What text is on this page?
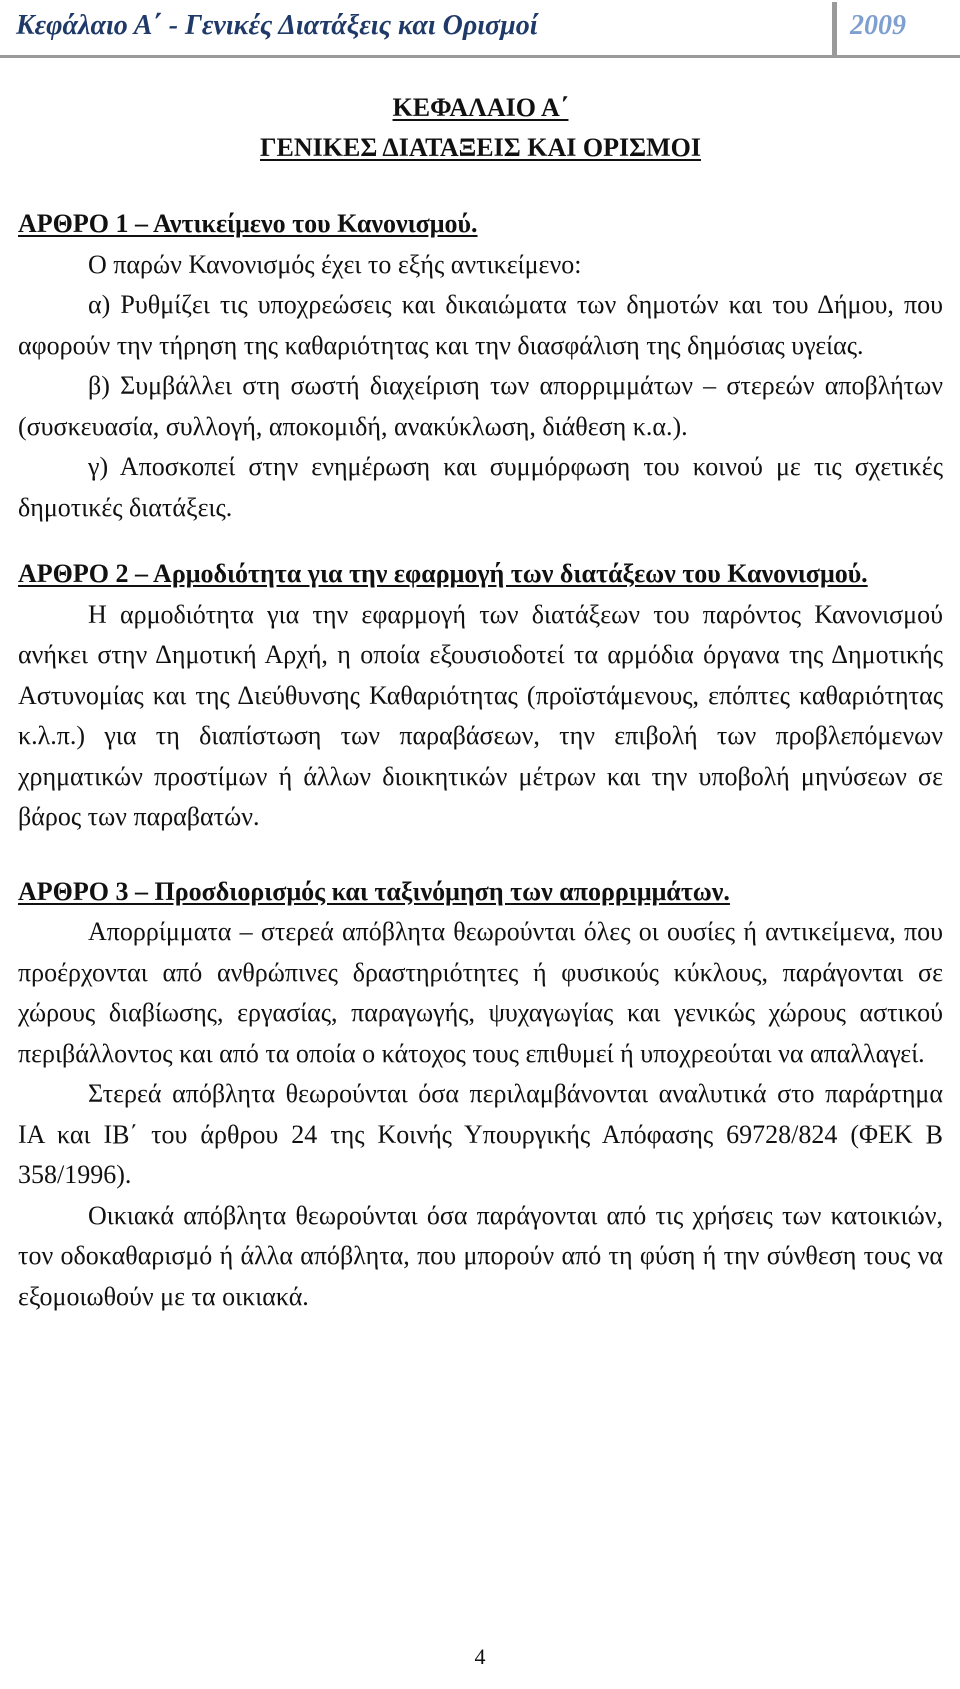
Κεφάλαιο Α΄ - Γενικές Διατάξεις και Ορισμοί	2009
ΚΕΦΑΛΑΙΟ Α΄
ΓΕΝΙΚΕΣ ΔΙΑΤΑΞΕΙΣ ΚΑΙ ΟΡΙΣΜΟΙ
ΑΡΘΡΟ 1 – Αντικείμενο του Κανονισμού.

Ο παρών Κανονισμός έχει το εξής αντικείμενο:

α) Ρυθμίζει τις υποχρεώσεις και δικαιώματα των δημοτών και του Δήμου, που αφορούν την τήρηση της καθαριότητας και την διασφάλιση της δημόσιας υγείας.

β) Συμβάλλει στη σωστή διαχείριση των απορριμμάτων – στερεών αποβλήτων (συσκευασία, συλλογή, αποκομιδή, ανακύκλωση, διάθεση κ.α.).

γ) Αποσκοπεί στην ενημέρωση και συμμόρφωση του κοινού με τις σχετικές δημοτικές διατάξεις.

ΑΡΘΡΟ 2 – Αρμοδιότητα για την εφαρμογή των διατάξεων του Κανονισμού.

Η αρμοδιότητα για την εφαρμογή των διατάξεων του παρόντος Κανονισμού ανήκει στην Δημοτική Αρχή, η οποία εξουσιοδοτεί τα αρμόδια όργανα της Δημοτικής Αστυνομίας και της Διεύθυνσης Καθαριότητας (προϊστάμενους, επόπτες καθαριότητας κ.λ.π.) για τη διαπίστωση των παραβάσεων, την επιβολή των προβλεπόμενων χρηματικών προστίμων ή άλλων διοικητικών μέτρων και την υποβολή μηνύσεων σε βάρος των παραβατών.

ΑΡΘΡΟ 3 – Προσδιορισμός και ταξινόμηση των απορριμμάτων.

Απορρίμματα – στερεά απόβλητα θεωρούνται όλες οι ουσίες ή αντικείμενα, που προέρχονται από ανθρώπινες δραστηριότητες ή φυσικούς κύκλους, παράγονται σε χώρους διαβίωσης, εργασίας, παραγωγής, ψυχαγωγίας και γενικώς χώρους αστικού περιβάλλοντος και από τα οποία ο κάτοχος τους επιθυμεί ή υποχρεούται να απαλλαγεί.

Στερεά απόβλητα θεωρούνται όσα περιλαμβάνονται αναλυτικά στο παράρτημα ΙΑ και ΙΒ΄ του άρθρου 24 της Κοινής Υπουργικής Απόφασης 69728/824 (ΦΕΚ Β 358/1996).

Οικιακά απόβλητα θεωρούνται όσα παράγονται από τις χρήσεις των κατοικιών, τον οδοκαθαρισμό ή άλλα απόβλητα, που μπορούν από τη φύση ή την σύνθεση τους να εξομοιωθούν με τα οικιακά.

4
